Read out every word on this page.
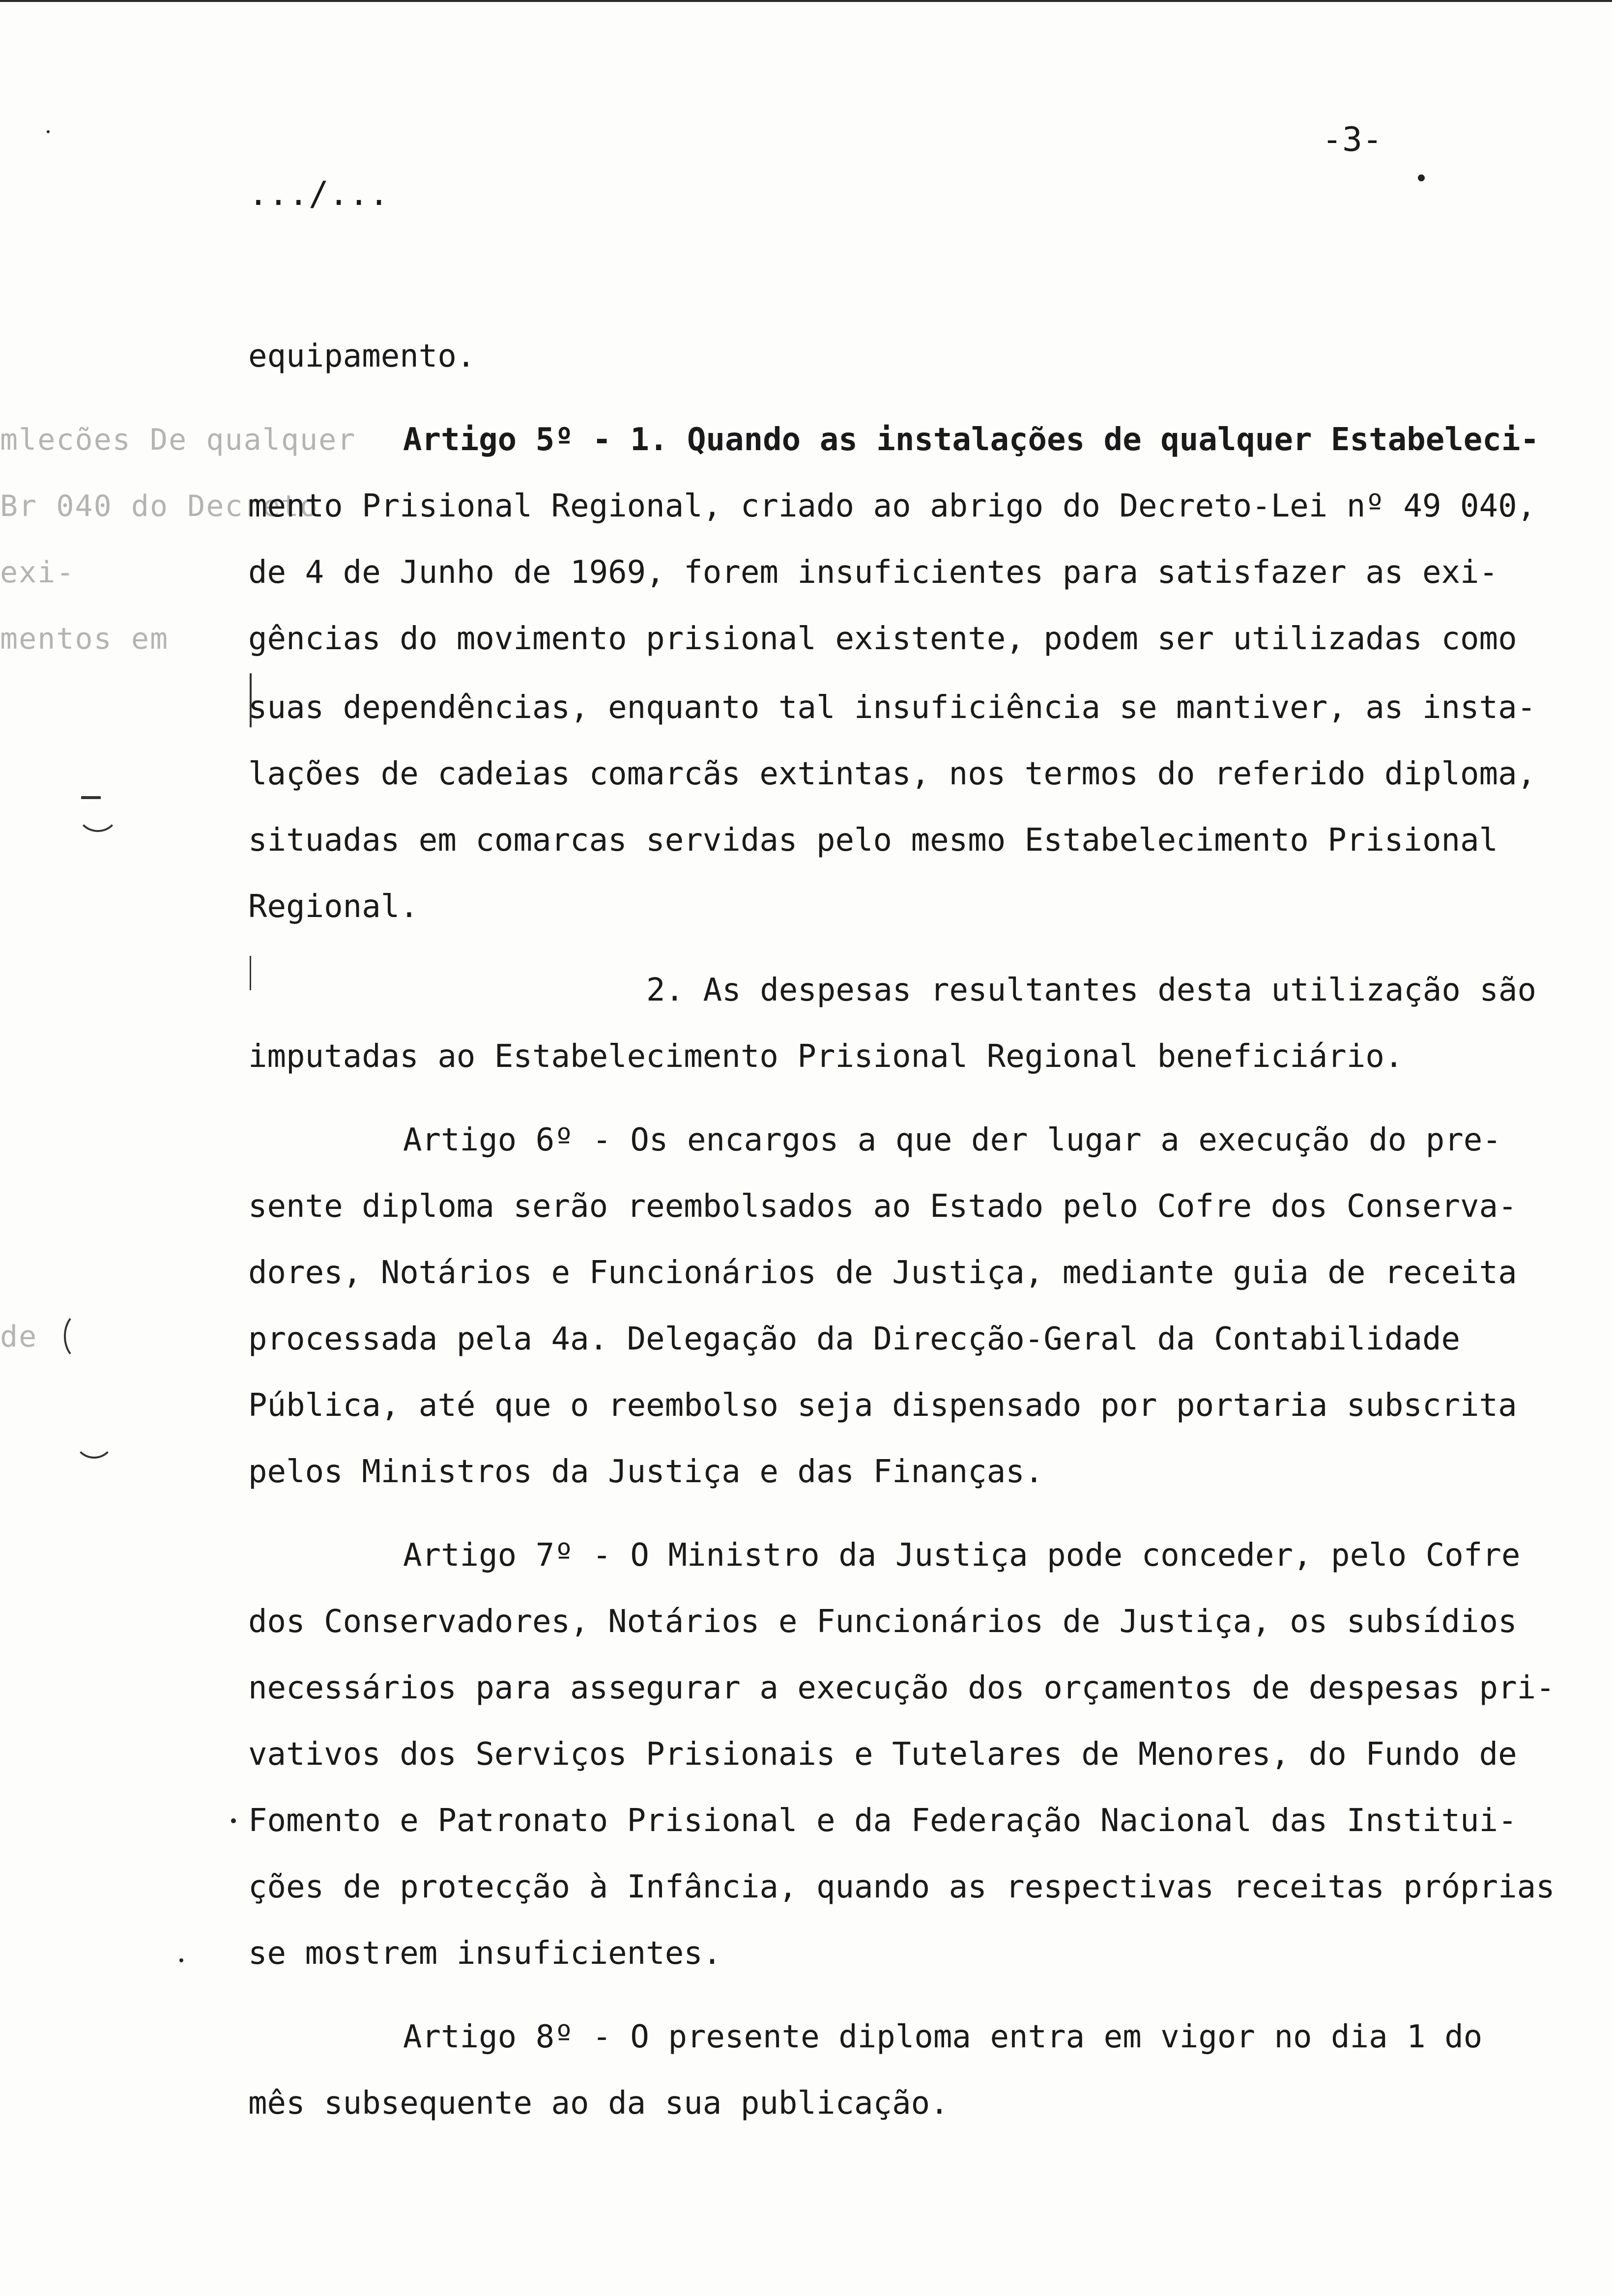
-3-
.../...
mlecões De qualquer
Br 040 do Decreto
exi-
mentos em
de
equipamento.
Artigo 5º - 1. Quando as instalações de qualquer Estabeleci-
mento Prisional Regional, criado ao abrigo do Decreto-Lei nº 49 040,
de 4 de Junho de 1969, forem insuficientes para satisfazer as exi-
gências do movimento prisional existente, podem ser utilizadas como
suas dependências, enquanto tal insuficiência se mantiver, as insta-
lações de cadeias comarcãs extintas, nos termos do referido diploma,
situadas em comarcas servidas pelo mesmo Estabelecimento Prisional
Regional.
2. As despesas resultantes desta utilização são
imputadas ao Estabelecimento Prisional Regional beneficiário.
Artigo 6º - Os encargos a que der lugar a execução do pre-
sente diploma serão reembolsados ao Estado pelo Cofre dos Conserva-
dores, Notários e Funcionários de Justiça, mediante guia de receita
processada pela 4a. Delegação da Direcção-Geral da Contabilidade
Pública, até que o reembolso seja dispensado por portaria subscrita
pelos Ministros da Justiça e das Finanças.
Artigo 7º - O Ministro da Justiça pode conceder, pelo Cofre
dos Conservadores, Notários e Funcionários de Justiça, os subsídios
necessários para assegurar a execução dos orçamentos de despesas pri-
vativos dos Serviços Prisionais e Tutelares de Menores, do Fundo de
Fomento e Patronato Prisional e da Federação Nacional das Institui-
ções de protecção à Infância, quando as respectivas receitas próprias
se mostrem insuficientes.
Artigo 8º - O presente diploma entra em vigor no dia 1 do
mês subsequente ao da sua publicação.
